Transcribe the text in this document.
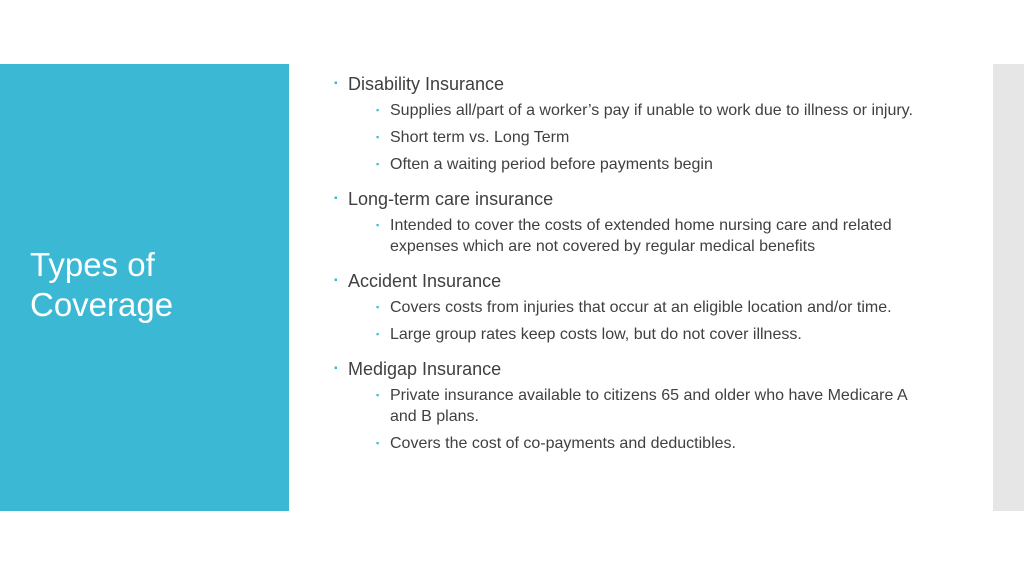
Types of Coverage
▪ Disability Insurance
▪ Supplies all/part of a worker’s pay if unable to work due to illness or injury.
▪ Short term vs. Long Term
▪ Often a waiting period before payments begin
▪ Long-term care insurance
▪ Intended to cover the costs of extended home nursing care and related expenses which are not covered by regular medical benefits
▪ Accident Insurance
▪ Covers costs from injuries that occur at an eligible location and/or time.
▪ Large group rates keep costs low, but do not cover illness.
▪ Medigap Insurance
▪ Private insurance available to citizens 65 and older who have Medicare A and B plans.
▪ Covers the cost of co-payments and deductibles.
